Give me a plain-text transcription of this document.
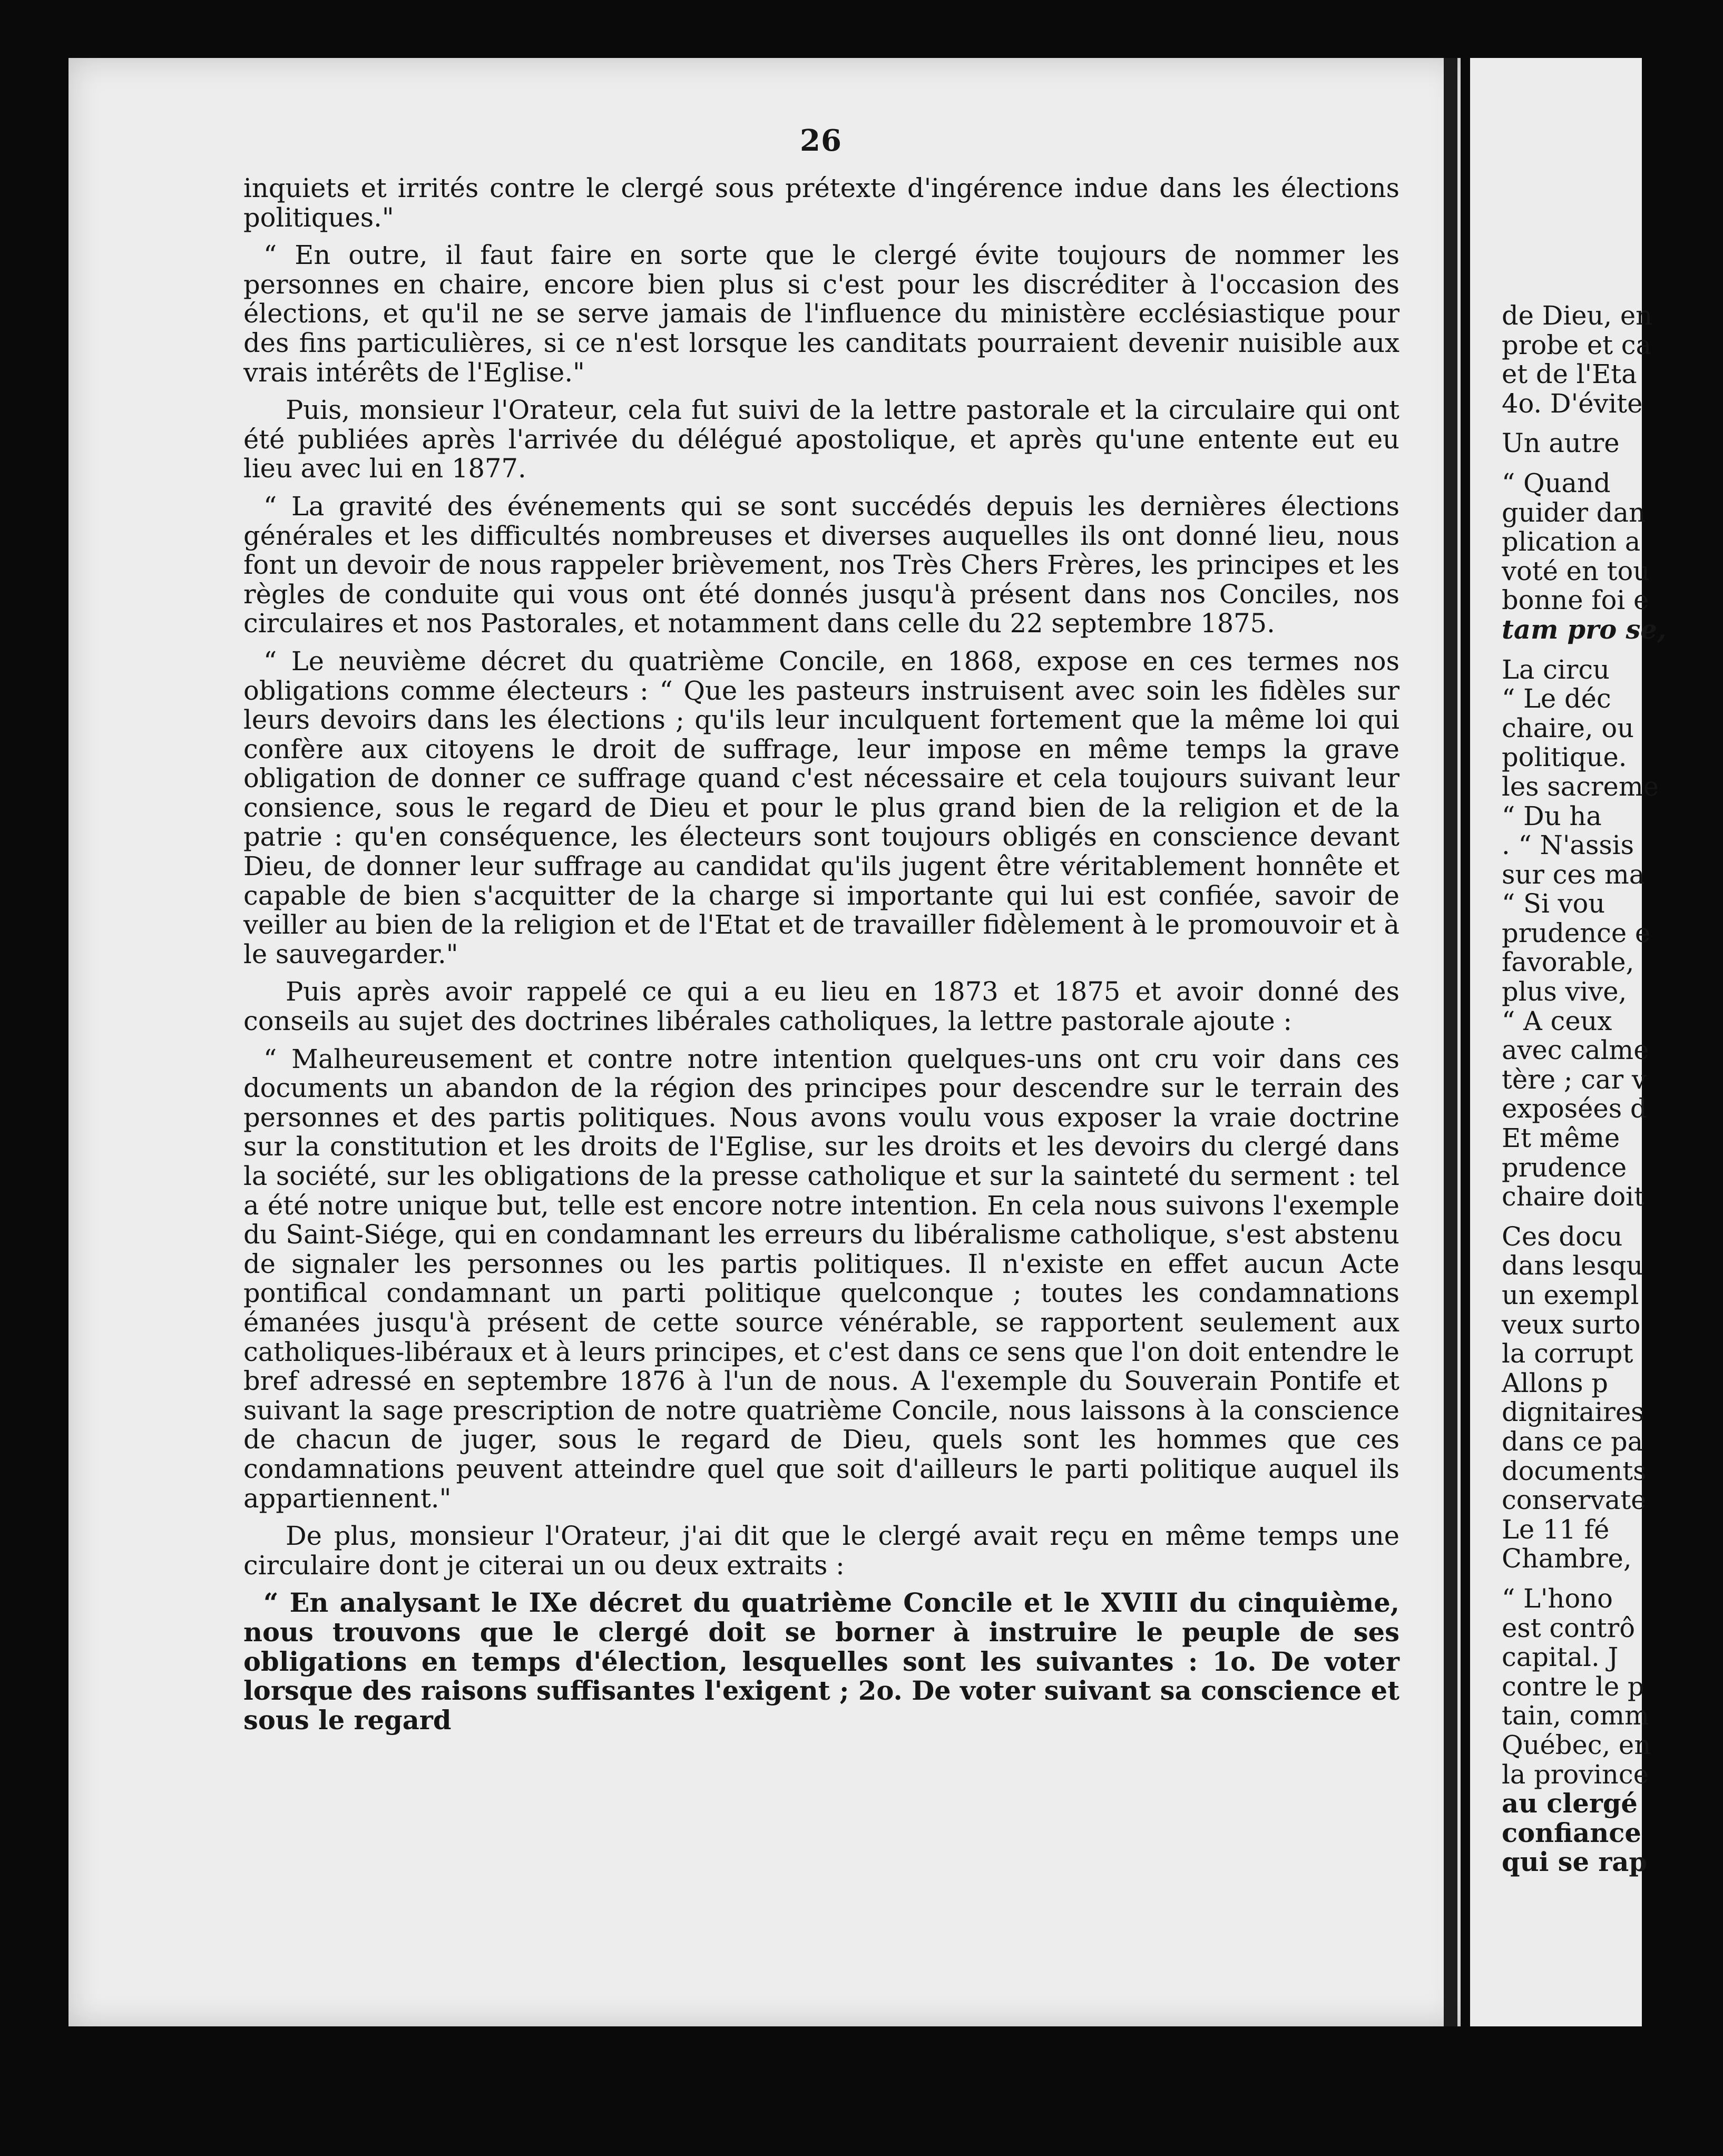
de Dieu, en
probe et ca
et de l'Eta
4o. D'évite
Un autre
“ Quand
guider dan
plication a
voté en tou
bonne foi e
tam pro se,
La circu
“ Le déc
chaire, ou
politique.
les sacreme
“ Du ha
. “ N'assis
sur ces ma
“ Si vou
prudence e
favorable,
plus vive,
“ A ceux
avec calme
tère ; car v
exposées d
Et même
prudence
chaire doit
Ces docu
dans lesqu
un exempl
veux surto
la corrupt
Allons p
dignitaires
dans ce pa
documents
conservate
Le 11 fé
Chambre,
“ L'hono
est contrô
capital. J
contre le p
tain, comm
Québec, en
la province
au clergé
confiance
qui se rap
26

inquiets et irrités contre le clergé sous prétexte d'ingérence indue dans les élections politiques."

“ En outre, il faut faire en sorte que le clergé évite toujours de nommer les personnes en chaire, encore bien plus si c'est pour les discréditer à l'occasion des élections, et qu'il ne se serve jamais de l'influence du ministère ecclésiastique pour des fins particulières, si ce n'est lorsque les canditats pourraient devenir nuisible aux vrais intérêts de l'Eglise."

Puis, monsieur l'Orateur, cela fut suivi de la lettre pastorale et la circulaire qui ont été publiées après l'arrivée du délégué apostolique, et après qu'une entente eut eu lieu avec lui en 1877.

“ La gravité des événements qui se sont succédés depuis les dernières élections générales et les difficultés nombreuses et diverses auquelles ils ont donné lieu, nous font un devoir de nous rappeler brièvement, nos Très Chers Frères, les principes et les règles de conduite qui vous ont été donnés jusqu'à présent dans nos Conciles, nos circulaires et nos Pastorales, et notamment dans celle du 22 septembre 1875.

“ Le neuvième décret du quatrième Concile, en 1868, expose en ces termes nos obligations comme électeurs : “ Que les pasteurs instruisent avec soin les fidèles sur leurs devoirs dans les élections ; qu'ils leur inculquent fortement que la même loi qui confère aux citoyens le droit de suffrage, leur impose en même temps la grave obligation de donner ce suffrage quand c'est nécessaire et cela toujours suivant leur consience, sous le regard de Dieu et pour le plus grand bien de la religion et de la patrie : qu'en conséquence, les électeurs sont toujours obligés en conscience devant Dieu, de donner leur suffrage au candidat qu'ils jugent être véritablement honnête et capable de bien s'acquitter de la charge si importante qui lui est confiée, savoir de veiller au bien de la religion et de l'Etat et de travailler fidèlement à le promouvoir et à le sauvegarder."

Puis après avoir rappelé ce qui a eu lieu en 1873 et 1875 et avoir donné des conseils au sujet des doctrines libérales catholiques, la lettre pastorale ajoute :

“ Malheureusement et contre notre intention quelques-uns ont cru voir dans ces documents un abandon de la région des principes pour descendre sur le terrain des personnes et des partis politiques. Nous avons voulu vous exposer la vraie doctrine sur la constitution et les droits de l'Eglise, sur les droits et les devoirs du clergé dans la société, sur les obligations de la presse catholique et sur la sainteté du serment : tel a été notre unique but, telle est encore notre intention. En cela nous suivons l'exemple du Saint-Siége, qui en condamnant les erreurs du libéralisme catholique, s'est abstenu de signaler les personnes ou les partis politiques. Il n'existe en effet aucun Acte pontifical condamnant un parti politique quelconque ; toutes les condamnations émanées jusqu'à présent de cette source vénérable, se rapportent seulement aux catholiques-libéraux et à leurs principes, et c'est dans ce sens que l'on doit entendre le bref adressé en septembre 1876 à l'un de nous. A l'exemple du Souverain Pontife et suivant la sage prescription de notre quatrième Concile, nous laissons à la conscience de chacun de juger, sous le regard de Dieu, quels sont les hommes que ces condamnations peuvent atteindre quel que soit d'ailleurs le parti politique auquel ils appartiennent."

De plus, monsieur l'Orateur, j'ai dit que le clergé avait reçu en même temps une circulaire dont je citerai un ou deux extraits :

“ En analysant le IXe décret du quatrième Concile et le XVIII du cinquième, nous trouvons que le clergé doit se borner à instruire le peuple de ses obligations en temps d'élection, lesquelles sont les suivantes : 1o. De voter lorsque des raisons suffisantes l'exigent ; 2o. De voter suivant sa conscience et sous le regard
